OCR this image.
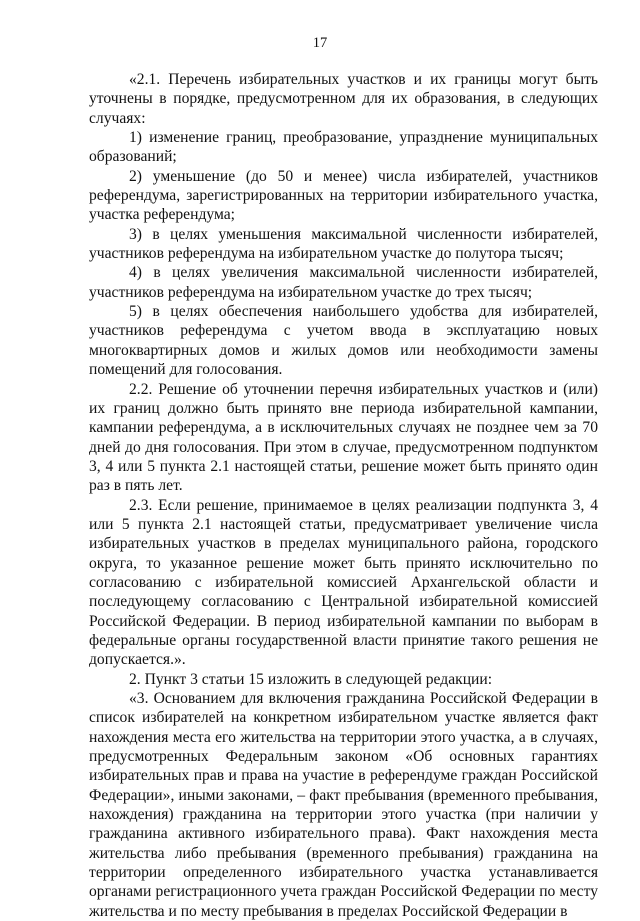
17

«2.1. Перечень избирательных участков и их границы могут быть уточнены в порядке, предусмотренном для их образования, в следующих случаях:

1) изменение границ, преобразование, упразднение муниципальных образований;

2) уменьшение (до 50 и менее) числа избирателей, участников референдума, зарегистрированных на территории избирательного участка, участка референдума;

3) в целях уменьшения максимальной численности избирателей, участников референдума на избирательном участке до полутора тысяч;

4) в целях увеличения максимальной численности избирателей, участников референдума на избирательном участке до трех тысяч;

5) в целях обеспечения наибольшего удобства для избирателей, участников референдума с учетом ввода в эксплуатацию новых многоквартирных домов и жилых домов или необходимости замены помещений для голосования.

2.2. Решение об уточнении перечня избирательных участков и (или) их границ должно быть принято вне периода избирательной кампании, кампании референдума, а в исключительных случаях не позднее чем за 70 дней до дня голосования. При этом в случае, предусмотренном подпунктом 3, 4 или 5 пункта 2.1 настоящей статьи, решение может быть принято один раз в пять лет.

2.3. Если решение, принимаемое в целях реализации подпункта 3, 4 или 5 пункта 2.1 настоящей статьи, предусматривает увеличение числа избирательных участков в пределах муниципального района, городского округа, то указанное решение может быть принято исключительно по согласованию с избирательной комиссией Архангельской области и последующему согласованию с Центральной избирательной комиссией Российской Федерации. В период избирательной кампании по выборам в федеральные органы государственной власти принятие такого решения не допускается.».

2. Пункт 3 статьи 15 изложить в следующей редакции:

«3. Основанием для включения гражданина Российской Федерации в список избирателей на конкретном избирательном участке является факт нахождения места его жительства на территории этого участка, а в случаях, предусмотренных Федеральным законом «Об основных гарантиях избирательных прав и права на участие в референдуме граждан Российской Федерации», иными законами, – факт пребывания (временного пребывания, нахождения) гражданина на территории этого участка (при наличии у гражданина активного избирательного права). Факт нахождения места жительства либо пребывания (временного пребывания) гражданина на территории определенного избирательного участка устанавливается органами регистрационного учета граждан Российской Федерации по месту жительства и по месту пребывания в пределах Российской Федерации в
